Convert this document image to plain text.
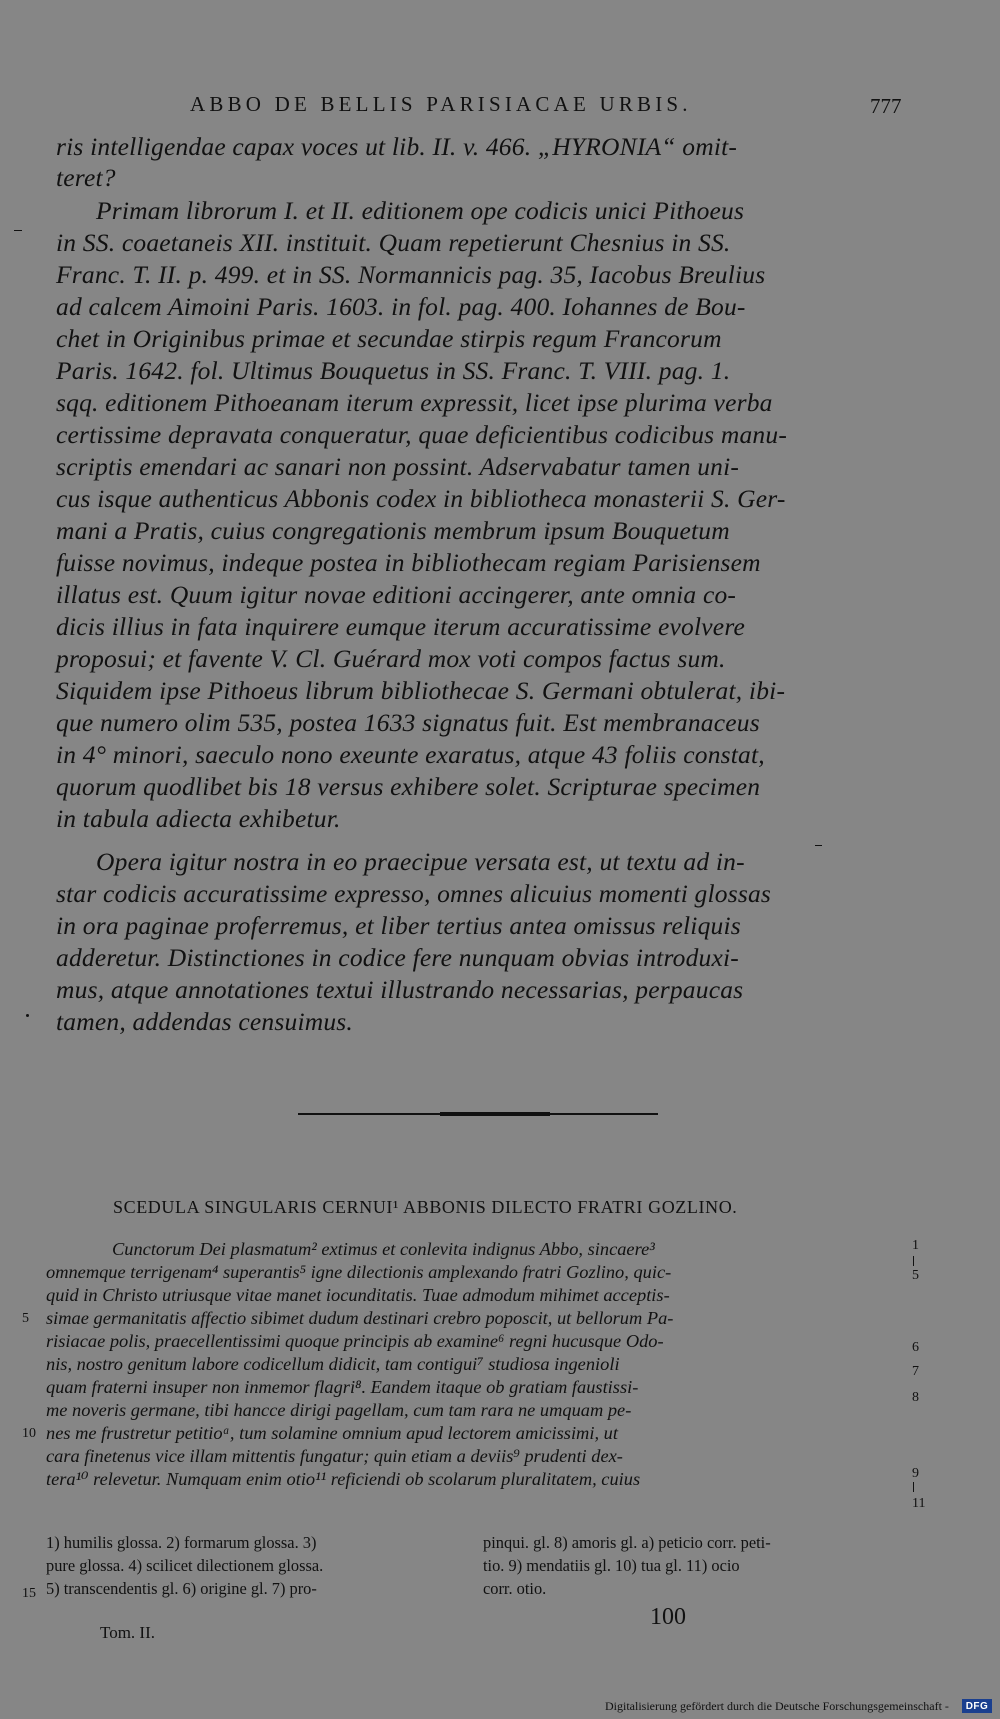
ABBO DE BELLIS PARISIACAE URBIS.	777
ris intelligendae capax voces ut lib. II. v. 466. „HYRONIA“ omit-
teret?
Primam librorum I. et II. editionem ope codicis unici Pithoeus
in SS. coaetaneis XII. instituit. Quam repetierunt Chesnius in SS.
Franc. T. II. p. 499. et in SS. Normannicis pag. 35, Iacobus Breulius
ad calcem Aimoini Paris. 1603. in fol. pag. 400. Iohannes de Bou-
chet in Originibus primae et secundae stirpis regum Francorum
Paris. 1642. fol. Ultimus Bouquetus in SS. Franc. T. VIII. pag. 1.
sqq. editionem Pithoeanam iterum expressit, licet ipse plurima verba
certissime depravata conqueratur, quae deficientibus codicibus manu-
scriptis emendari ac sanari non possint. Adservabatur tamen uni-
cus isque authenticus Abbonis codex in bibliotheca monasterii S. Ger-
mani a Pratis, cuius congregationis membrum ipsum Bouquetum
fuisse novimus, indeque postea in bibliothecam regiam Parisiensem
illatus est. Quum igitur novae editioni accingerer, ante omnia co-
dicis illius in fata inquirere eumque iterum accuratissime evolvere
proposui; et favente V. Cl. Guérard mox voti compos factus sum.
Siquidem ipse Pithoeus librum bibliothecae S. Germani obtulerat, ibi-
que numero olim 535, postea 1633 signatus fuit. Est membranaceus
in 4° minori, saeculo nono exeunte exaratus, atque 43 foliis constat,
quorum quodlibet bis 18 versus exhibere solet. Scripturae specimen
in tabula adiecta exhibetur.
Opera igitur nostra in eo praecipue versata est, ut textu ad in-
star codicis accuratissime expresso, omnes alicuius momenti glossas
in ora paginae proferremus, et liber tertius antea omissus reliquis
adderetur. Distinctiones in codice fere nunquam obvias introduxi-
mus, atque annotationes textui illustrando necessarias, perpaucas
tamen, addendas censuimus.
SCEDULA SINGULARIS CERNUI¹ ABBONIS DILECTO FRATRI GOZLINO.
Cunctorum Dei plasmatum² extimus et conlevita indignus Abbo, sincaere³
omnemque terrigenam⁴ superantis⁵ igne dilectionis amplexando fratri Gozlino, quic-
quid in Christo utriusque vitae manet iocunditatis. Tuae admodum mihimet acceptis-
simae germanitatis affectio sibimet dudum destinari crebro poposcit, ut bellorum Pa-
risiacae polis, praecellentissimi quoque principis ab examine⁶ regni hucusque Odo-
nis, nostro genitum labore codicellum didicit, tam contigui⁷ studiosa ingenioli
quam fraterni insuper non inmemor flagri⁸. Eandem itaque ob gratiam faustissi-
me noveris germane, tibi hancce dirigi pagellam, cum tam rara ne umquam pe-
nes me frustretur petitioᵃ, tum solamine omnium apud lectorem amicissimi, ut
cara finetenus vice illam mittentis fungatur; quin etiam a deviis⁹ prudenti dex-
tera¹⁰ relevetur. Numquam enim otio¹¹ reficiendi ob scolarum pluralitatem, cuius
5
10
15
1
5
6
7
8
9
11
1) humilis glossa. 2) formarum glossa. 3)
pure glossa. 4) scilicet dilectionem glossa.
5) transcendentis gl. 6) origine gl. 7) pro-
pinqui. gl. 8) amoris gl. a) peticio corr. peti-
tio. 9) mendatiis gl. 10) tua gl. 11) ocio
corr. otio.
Tom. II.
100
Digitalisierung gefördert durch die Deutsche Forschungsgemeinschaft -	DFG
